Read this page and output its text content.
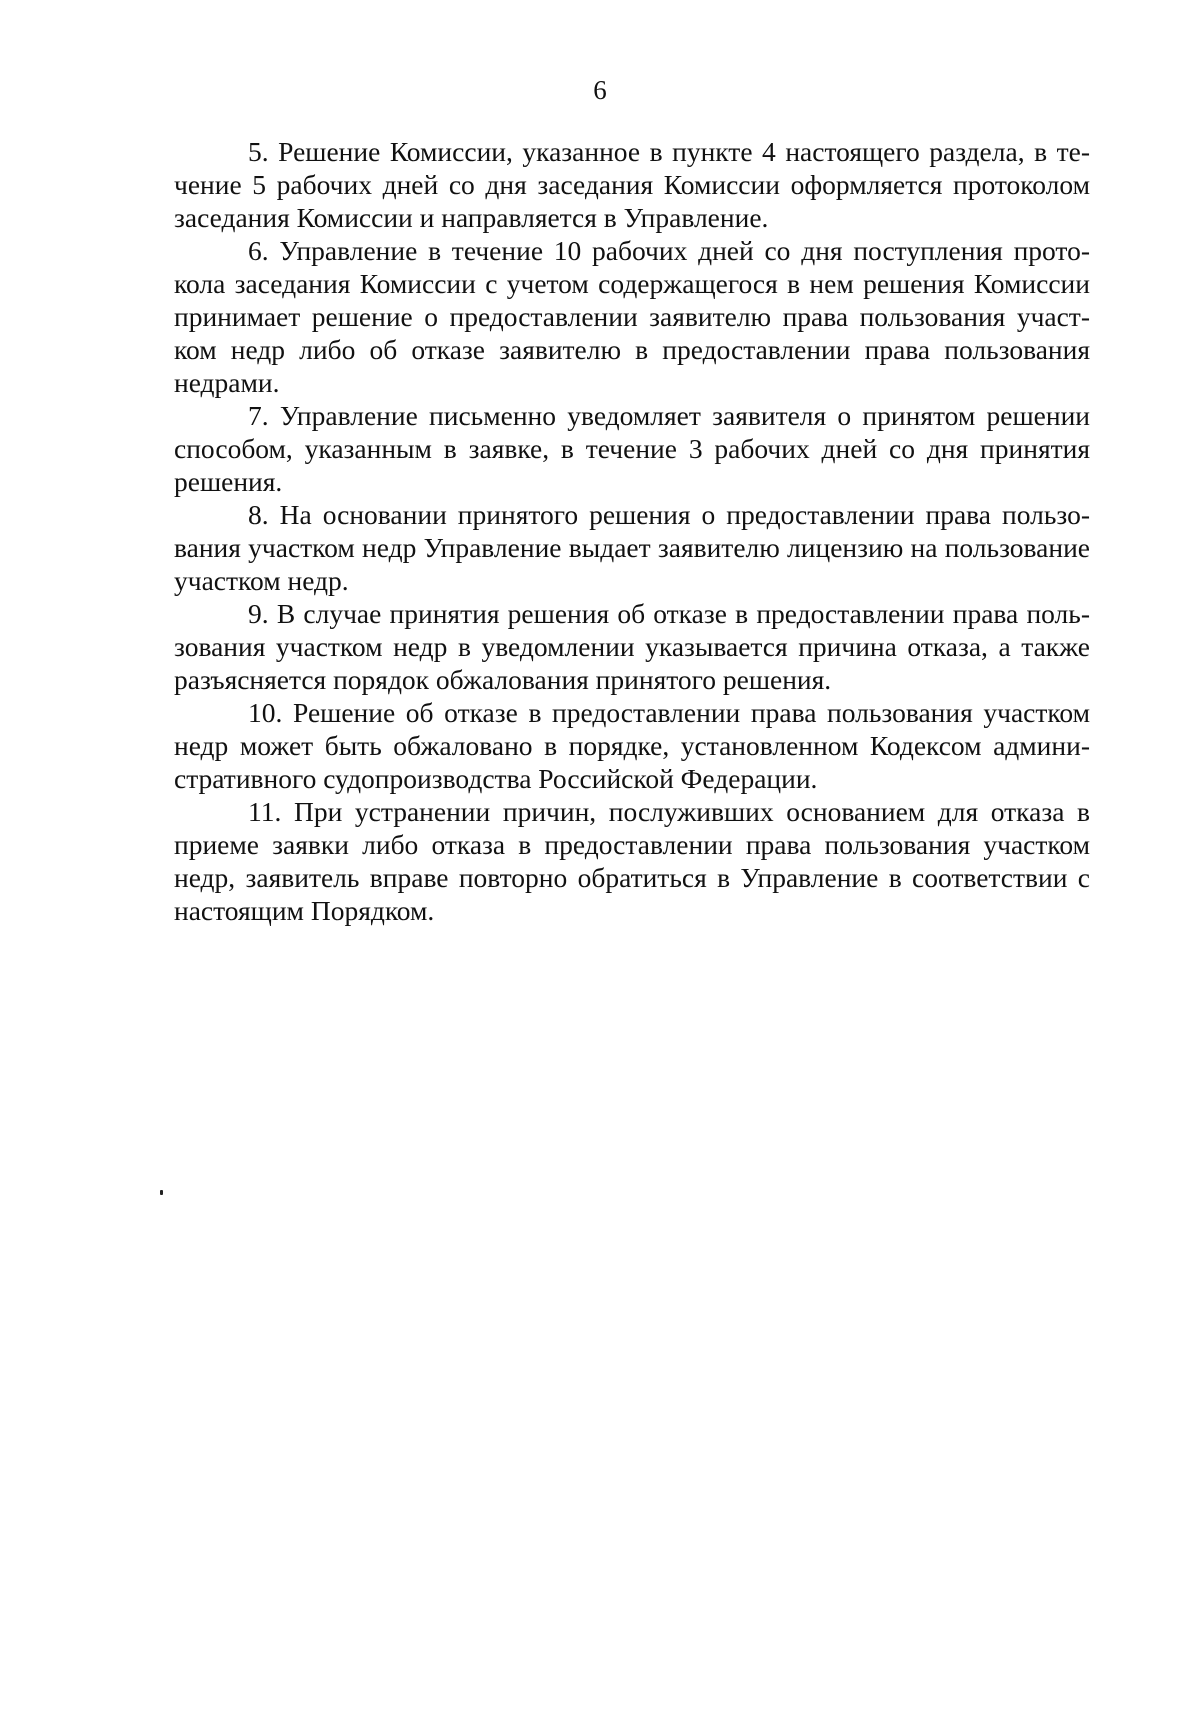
6

5. Решение Комиссии, указанное в пункте 4 настоящего раздела, в течение 5 рабочих дней со дня заседания Комиссии оформляется протоколом заседания Комиссии и направляется в Управление.

6. Управление в течение 10 рабочих дней со дня поступления протокола заседания Комиссии с учетом содержащегося в нем решения Комиссии принимает решение о предоставлении заявителю права пользования участком недр либо об отказе заявителю в предоставлении права пользования недрами.

7. Управление письменно уведомляет заявителя о принятом решении способом, указанным в заявке, в течение 3 рабочих дней со дня принятия решения.

8. На основании принятого решения о предоставлении права пользования участком недр Управление выдает заявителю лицензию на пользование участком недр.

9. В случае принятия решения об отказе в предоставлении права пользования участком недр в уведомлении указывается причина отказа, а также разъясняется порядок обжалования принятого решения.

10. Решение об отказе в предоставлении права пользования участком недр может быть обжаловано в порядке, установленном Кодексом административного судопроизводства Российской Федерации.

11. При устранении причин, послуживших основанием для отказа в приеме заявки либо отказа в предоставлении права пользования участком недр, заявитель вправе повторно обратиться в Управление в соответствии с настоящим Порядком.
